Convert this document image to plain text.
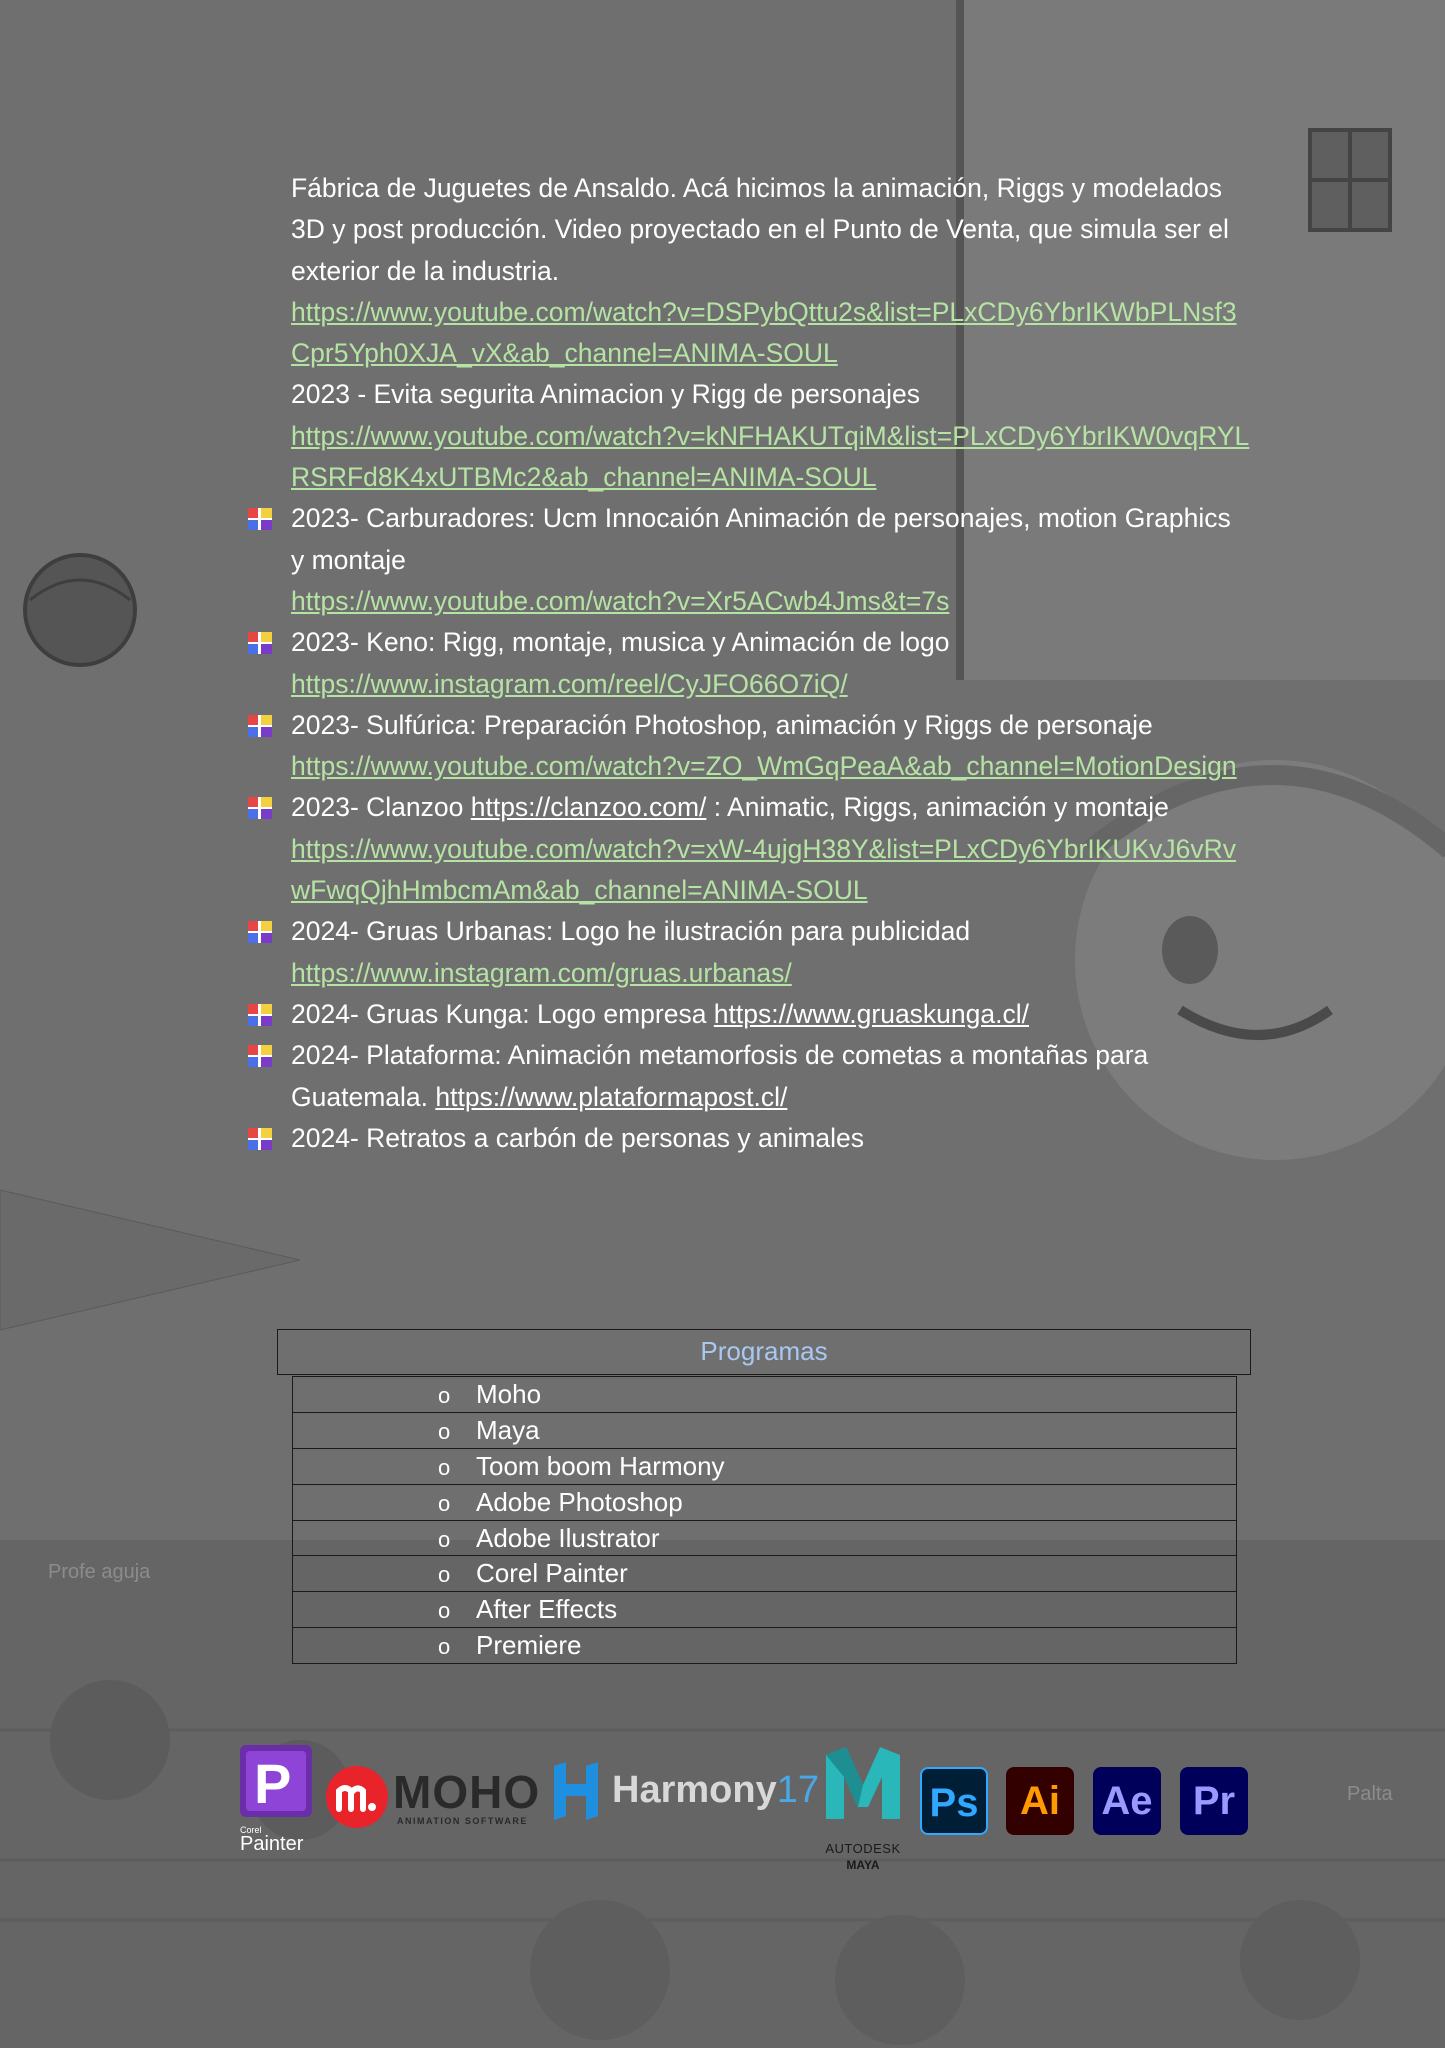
Profe aguja
Palta

Fábrica de Juguetes de Ansaldo. Acá hicimos la animación, Riggs y modelados 3D y post producción. Video proyectado en el Punto de Venta, que simula ser el exterior de la industria.

https://www.youtube.com/watch?v=DSPybQttu2s&list=PLxCDy6YbrIKWbPLNsf3Cpr5Yph0XJA_vX&ab_channel=ANIMA-SOUL

2023 - Evita segurita Animacion y Rigg de personajes

https://www.youtube.com/watch?v=kNFHAKUTqiM&list=PLxCDy6YbrIKW0vqRYLRSRFd8K4xUTBMc2&ab_channel=ANIMA-SOUL

2023- Carburadores: Ucm Innocaión Animación de personajes, motion Graphics y montaje

https://www.youtube.com/watch?v=Xr5ACwb4Jms&t=7s

2023- Keno: Rigg, montaje, musica y Animación de logo

https://www.instagram.com/reel/CyJFO66O7iQ/

2023- Sulfúrica: Preparación Photoshop, animación y Riggs de personaje

https://www.youtube.com/watch?v=ZO_WmGqPeaA&ab_channel=MotionDesign

2023- Clanzoo https://clanzoo.com/ : Animatic, Riggs, animación y montaje

https://www.youtube.com/watch?v=xW-4ujgH38Y&list=PLxCDy6YbrIKUKvJ6vRvwFwqQjhHmbcmAm&ab_channel=ANIMA-SOUL

2024- Gruas Urbanas: Logo he ilustración para publicidad

https://www.instagram.com/gruas.urbanas/

2024- Gruas Kunga: Logo empresa https://www.gruaskunga.cl/

2024- Plataforma: Animación metamorfosis de cometas a montañas para Guatemala. https://www.plataformapost.cl/

2024- Retratos a carbón de personas y animales

Programas
o Moho
o Maya
o Toom boom Harmony
o Adobe Photoshop
o Adobe Ilustrator
o Corel Painter
o After Effects
o Premiere
P
Corel
Painter
MOHO
ANIMATION SOFTWARE
Harmony17
AUTODESK
MAYA
Ps	Ai	Ae	Pr
